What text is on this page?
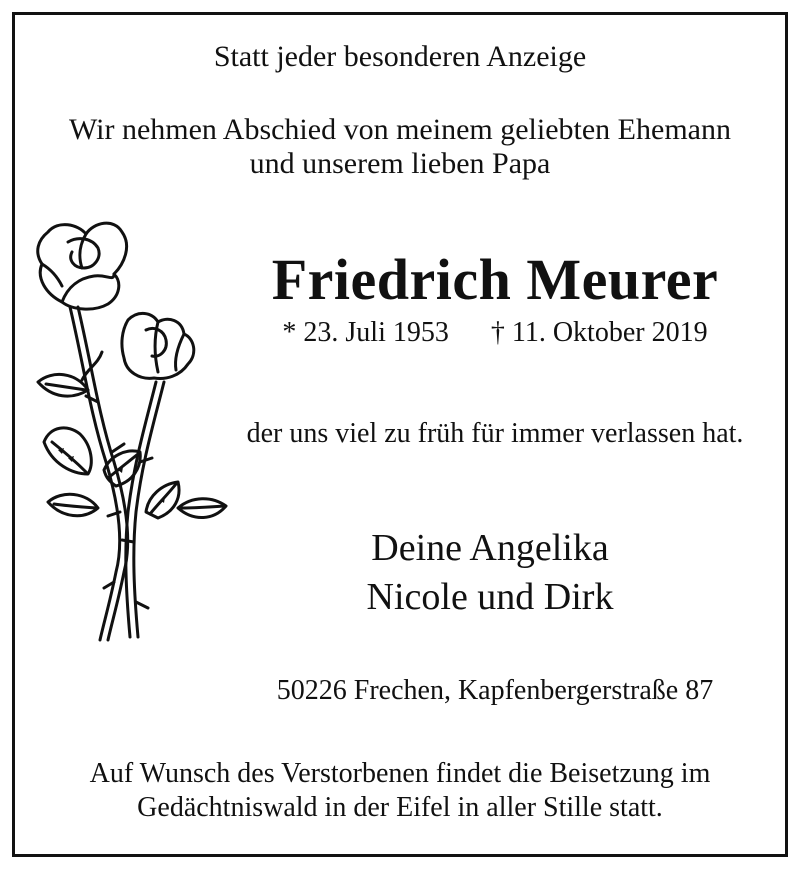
Statt jeder besonderen Anzeige
Wir nehmen Abschied von meinem geliebten Ehemann
und unserem lieben Papa
Friedrich Meurer
* 23. Juli 1953 † 11. Oktober 2019
der uns viel zu früh für immer verlassen hat.
Deine Angelika
Nicole und Dirk
50226 Frechen, Kapfenbergerstraße 87
Auf Wunsch des Verstorbenen findet die Beisetzung im
Gedächtniswald in der Eifel in aller Stille statt.
